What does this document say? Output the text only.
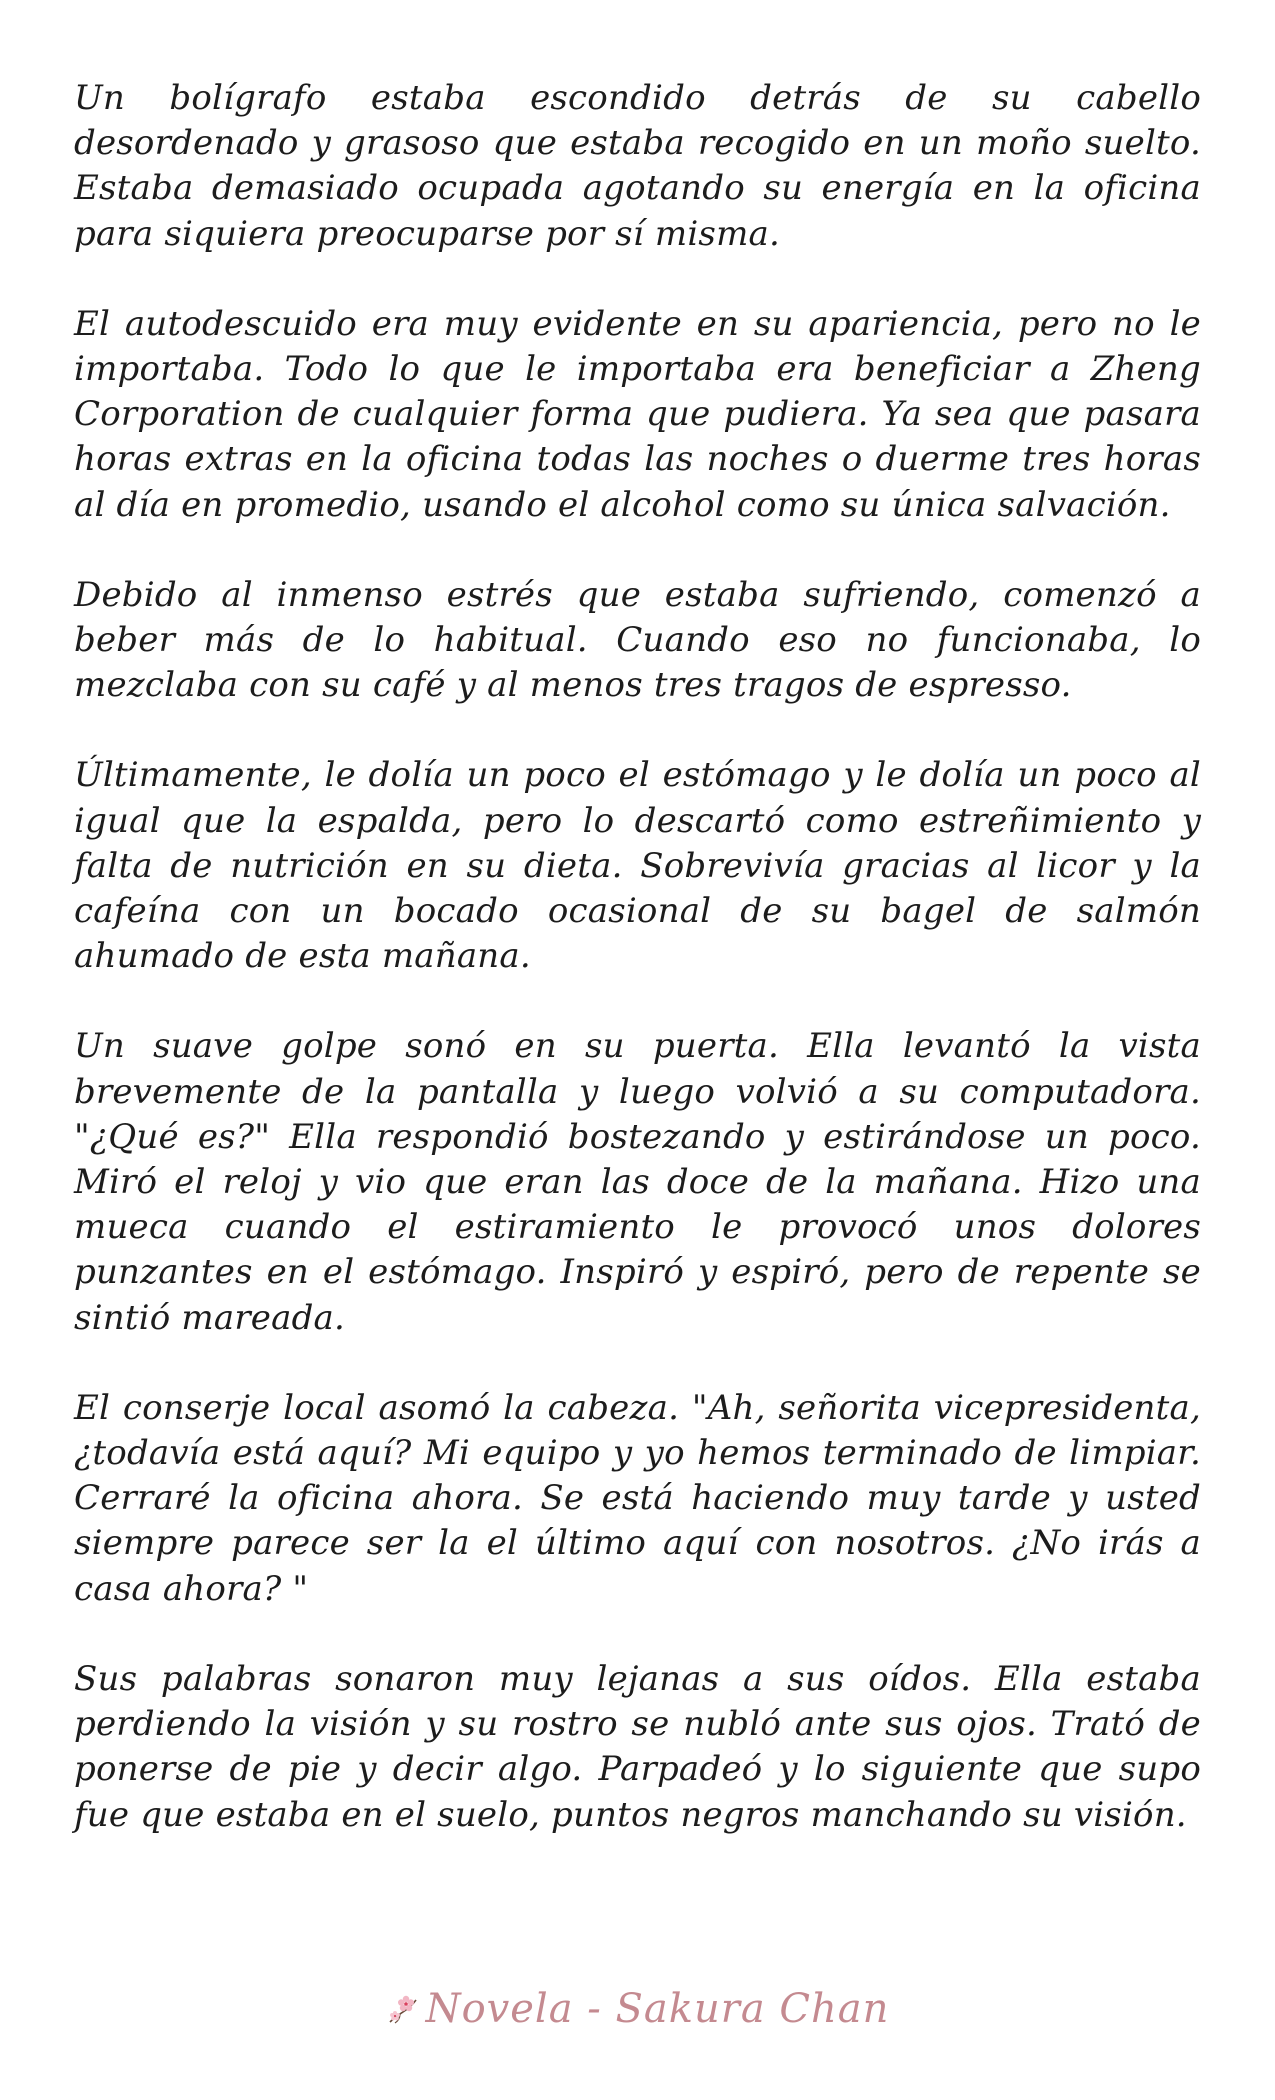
Un bolígrafo estaba escondido detrás de su cabello desordenado y grasoso que estaba recogido en un moño suelto. Estaba demasiado ocupada agotando su energía en la oficina para siquiera preocuparse por sí misma.

El autodescuido era muy evidente en su apariencia, pero no le importaba. Todo lo que le importaba era beneficiar a Zheng Corporation de cualquier forma que pudiera. Ya sea que pasara horas extras en la oficina todas las noches o duerme tres horas al día en promedio, usando el alcohol como su única salvación.

Debido al inmenso estrés que estaba sufriendo, comenzó a beber más de lo habitual. Cuando eso no funcionaba, lo mezclaba con su café y al menos tres tragos de espresso.

Últimamente, le dolía un poco el estómago y le dolía un poco al igual que la espalda, pero lo descartó como estreñimiento y falta de nutrición en su dieta. Sobrevivía gracias al licor y la cafeína con un bocado ocasional de su bagel de salmón ahumado de esta mañana.

Un suave golpe sonó en su puerta. Ella levantó la vista brevemente de la pantalla y luego volvió a su computadora. "¿Qué es?" Ella respondió bostezando y estirándose un poco. Miró el reloj y vio que eran las doce de la mañana. Hizo una mueca cuando el estiramiento le provocó unos dolores punzantes en el estómago. Inspiró y espiró, pero de repente se sintió mareada.

El conserje local asomó la cabeza. "Ah, señorita vicepresidenta, ¿todavía está aquí? Mi equipo y yo hemos terminado de limpiar. Cerraré la oficina ahora. Se está haciendo muy tarde y usted siempre parece ser la el último aquí con nosotros. ¿No irás a casa ahora? "

Sus palabras sonaron muy lejanas a sus oídos. Ella estaba perdiendo la visión y su rostro se nubló ante sus ojos. Trató de ponerse de pie y decir algo. Parpadeó y lo siguiente que supo fue que estaba en el suelo, puntos negros manchando su visión.

Novela - Sakura Chan
